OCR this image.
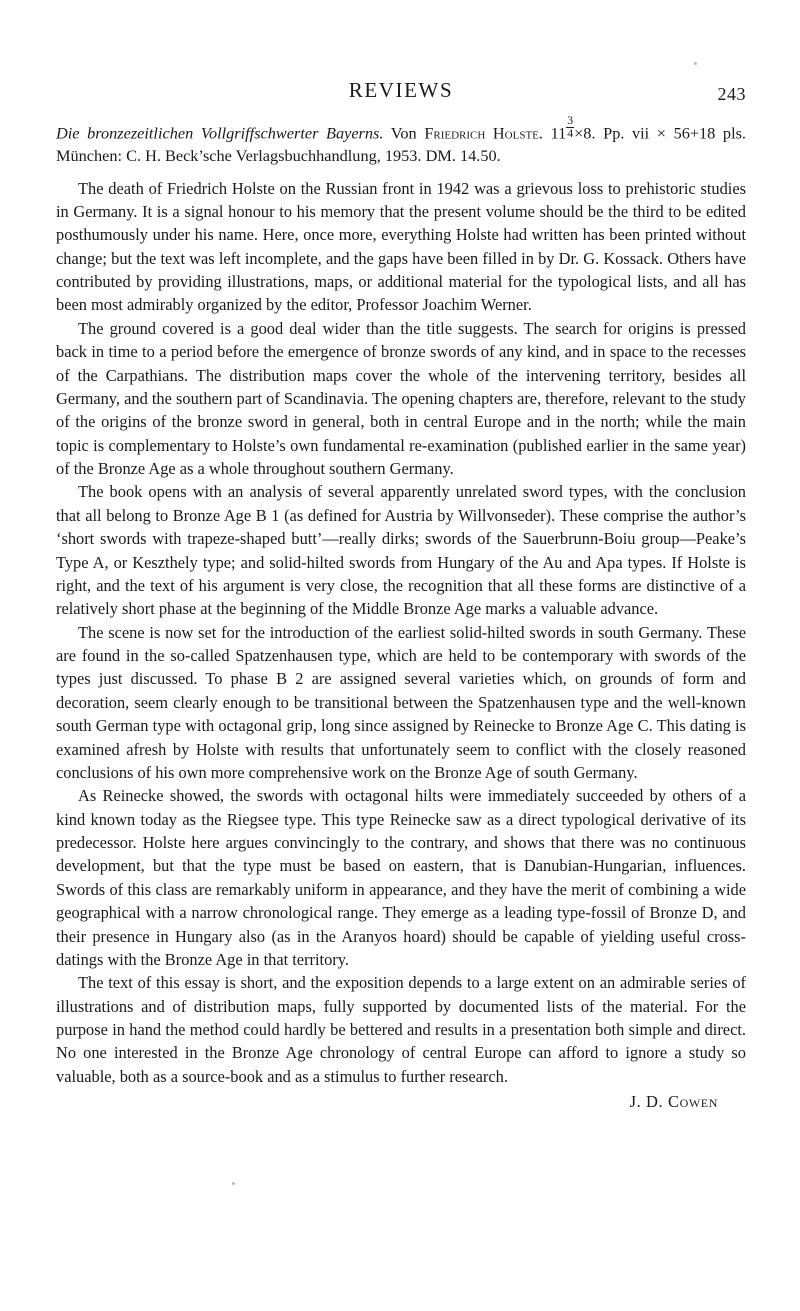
REVIEWS	243
Die bronzezeitlichen Vollgriffschwerter Bayerns. Von Friedrich Holste. $11 \frac{3}{4} \times 8$. Pp. vii × 56+18 pls. München: C. H. Beck’sche Verlagsbuchhandlung, 1953. DM. 14.50.

The death of Friedrich Holste on the Russian front in 1942 was a grievous loss to prehistoric studies in Germany. It is a signal honour to his memory that the present volume should be the third to be edited posthumously under his name. Here, once more, everything Holste had written has been printed without change; but the text was left incomplete, and the gaps have been filled in by Dr. G. Kossack. Others have contributed by providing illustrations, maps, or additional material for the typological lists, and all has been most admirably organized by the editor, Professor Joachim Werner.

The ground covered is a good deal wider than the title suggests. The search for origins is pressed back in time to a period before the emergence of bronze swords of any kind, and in space to the recesses of the Carpathians. The distribution maps cover the whole of the intervening territory, besides all Germany, and the southern part of Scandinavia. The opening chapters are, therefore, relevant to the study of the origins of the bronze sword in general, both in central Europe and in the north; while the main topic is complementary to Holste’s own fundamental re-examination (published earlier in the same year) of the Bronze Age as a whole throughout southern Germany.

The book opens with an analysis of several apparently unrelated sword types, with the conclusion that all belong to Bronze Age B 1 (as defined for Austria by Willvonseder). These comprise the author’s ‘short swords with trapeze-shaped butt’—really dirks; swords of the Sauerbrunn-Boiu group—Peake’s Type A, or Keszthely type; and solid-hilted swords from Hungary of the Au and Apa types. If Holste is right, and the text of his argument is very close, the recognition that all these forms are distinctive of a relatively short phase at the beginning of the Middle Bronze Age marks a valuable advance.

The scene is now set for the introduction of the earliest solid-hilted swords in south Germany. These are found in the so-called Spatzenhausen type, which are held to be contemporary with swords of the types just discussed. To phase B 2 are assigned several varieties which, on grounds of form and decoration, seem clearly enough to be transitional between the Spatzenhausen type and the well-known south German type with octagonal grip, long since assigned by Reinecke to Bronze Age C. This dating is examined afresh by Holste with results that unfortunately seem to conflict with the closely reasoned conclusions of his own more comprehensive work on the Bronze Age of south Germany.

As Reinecke showed, the swords with octagonal hilts were immediately succeeded by others of a kind known today as the Riegsee type. This type Reinecke saw as a direct typological derivative of its predecessor. Holste here argues convincingly to the contrary, and shows that there was no continuous development, but that the type must be based on eastern, that is Danubian-Hungarian, influences. Swords of this class are remarkably uniform in appearance, and they have the merit of combining a wide geographical with a narrow chronological range. They emerge as a leading type-fossil of Bronze D, and their presence in Hungary also (as in the Aranyos hoard) should be capable of yielding useful cross-datings with the Bronze Age in that territory.

The text of this essay is short, and the exposition depends to a large extent on an admirable series of illustrations and of distribution maps, fully supported by documented lists of the material. For the purpose in hand the method could hardly be bettered and results in a presentation both simple and direct. No one interested in the Bronze Age chronology of central Europe can afford to ignore a study so valuable, both as a source-book and as a stimulus to further research.

J. D. Cowen
